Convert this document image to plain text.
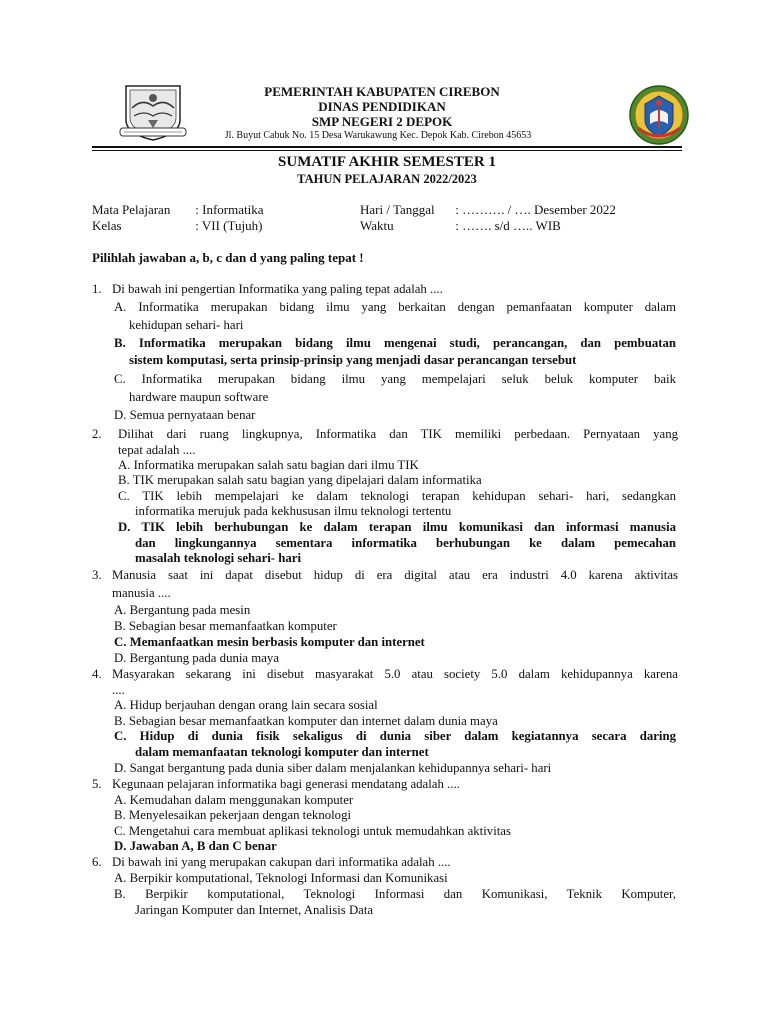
PEMERINTAH KABUPATEN CIREBON
DINAS PENDIDIKAN
SMP NEGERI 2 DEPOK
Jl. Buyut Cabuk No. 15 Desa Warukawung Kec. Depok Kab. Cirebon 45653
SUMATIF AKHIR SEMESTER 1
TAHUN PELAJARAN 2022/2023
Mata Pelajaran : Informatika
Kelas	: VII (Tujuh)
Hari / Tanggal : ………. / …. Desember 2022
Waktu	: ……. s/d ….. WIB
Pilihlah jawaban a, b, c dan d yang paling tepat !
1. Di bawah ini pengertian Informatika yang paling tepat adalah ....
A. Informatika merupakan bidang ilmu yang berkaitan dengan pemanfaatan komputer dalam
kehidupan sehari- hari
B. Informatika merupakan bidang ilmu mengenai studi, perancangan, dan pembuatan
sistem komputasi, serta prinsip-prinsip yang menjadi dasar perancangan tersebut
C. Informatika merupakan bidang ilmu yang mempelajari seluk beluk komputer baik
hardware maupun software
D. Semua pernyataan benar
2. Dilihat dari ruang lingkupnya, Informatika dan TIK memiliki perbedaan. Pernyataan yang
tepat adalah ....
A. Informatika merupakan salah satu bagian dari ilmu TIK
B. TIK merupakan salah satu bagian yang dipelajari dalam informatika
C. TIK lebih mempelajari ke dalam teknologi terapan kehidupan sehari- hari, sedangkan
informatika merujuk pada kekhususan ilmu teknologi tertentu
D. TIK lebih berhubungan ke dalam terapan ilmu komunikasi dan informasi manusia
dan lingkungannya sementara informatika berhubungan ke dalam pemecahan
masalah teknologi sehari- hari
3. Manusia saat ini dapat disebut hidup di era digital atau era industri 4.0 karena aktivitas
manusia ....
A. Bergantung pada mesin
B. Sebagian besar memanfaatkan komputer
C. Memanfaatkan mesin berbasis komputer dan internet
D. Bergantung pada dunia maya
4. Masyarakan sekarang ini disebut masyarakat 5.0 atau society 5.0 dalam kehidupannya karena
....
A. Hidup berjauhan dengan orang lain secara sosial
B. Sebagian besar memanfaatkan komputer dan internet dalam dunia maya
C. Hidup di dunia fisik sekaligus di dunia siber dalam kegiatannya secara daring
dalam memanfaatan teknologi komputer dan internet
D. Sangat bergantung pada dunia siber dalam menjalankan kehidupannya sehari- hari
5. Kegunaan pelajaran informatika bagi generasi mendatang adalah ....
A. Kemudahan dalam menggunakan komputer
B. Menyelesaikan pekerjaan dengan teknologi
C. Mengetahui cara membuat aplikasi teknologi untuk memudahkan aktivitas
D. Jawaban A, B dan C benar
6. Di bawah ini yang merupakan cakupan dari informatika adalah ....
A. Berpikir komputational, Teknologi Informasi dan Komunikasi
B. Berpikir komputational, Teknologi Informasi dan Komunikasi, Teknik Komputer,
Jaringan Komputer dan Internet, Analisis Data
